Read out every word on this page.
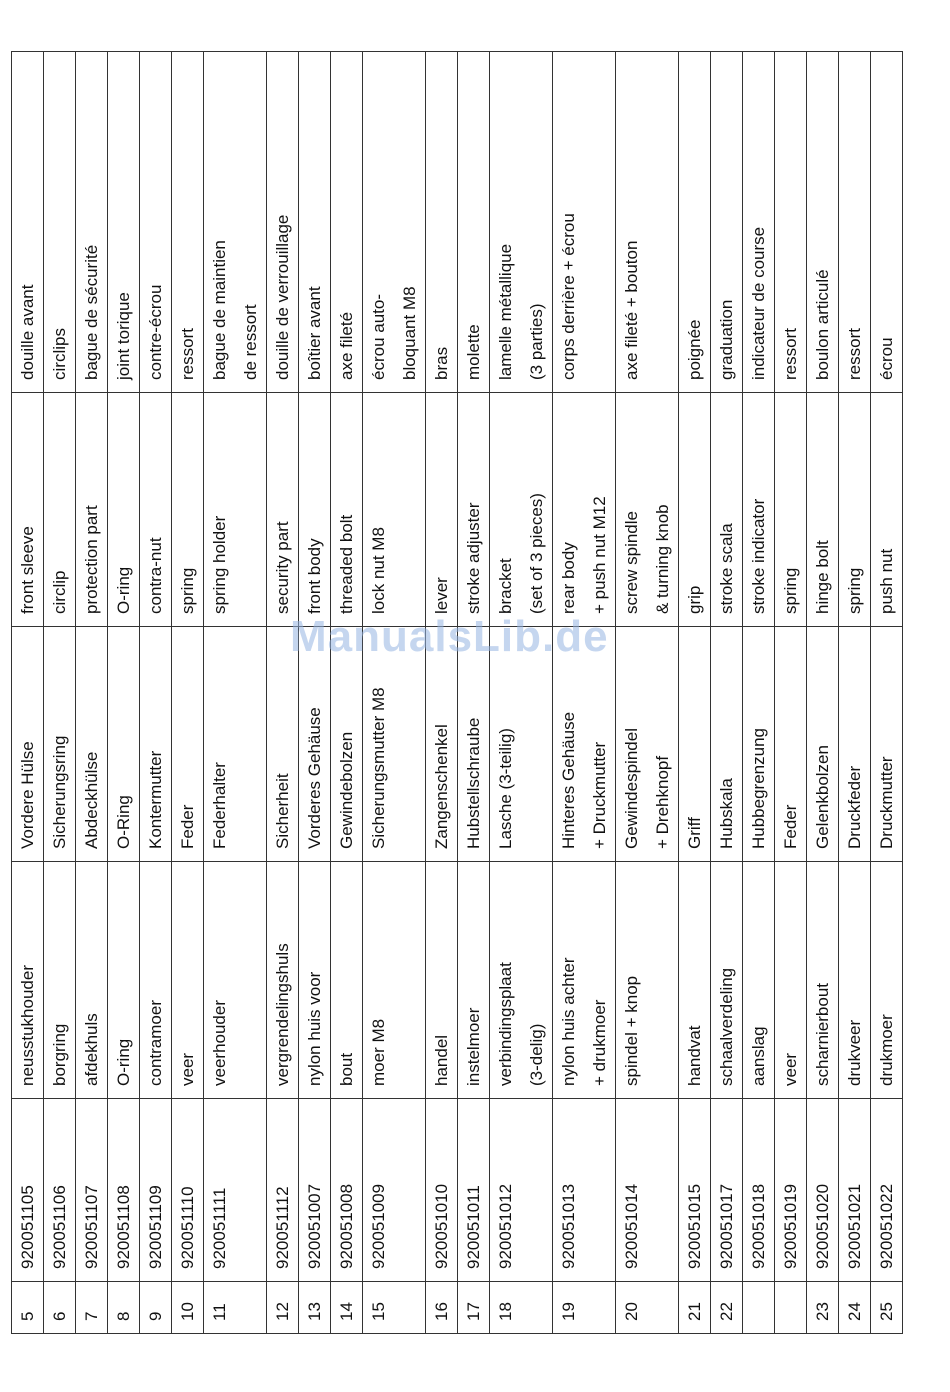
5	920051105	neusstukhouder	Vordere Hülse	front sleeve	douille avant

6	920051106	borgring	Sicherungsring	circlip	circlips

7	920051107	afdekhuls	Abdeckhülse	protection part	bague de sécurité

8	920051108	O-ring	O-Ring	O-ring	joint torique

9	920051109	contramoer	Kontermutter	contra-nut	contre-écrou

10	920051110	veer	Feder	spring	ressort

11	920051111	veerhouder	Federhalter	spring holder	bague de maintien de ressort

12	920051112	vergrendelingshuls	Sicherheit	security part	douille de verrouillage

13	920051007	nylon huis voor	Vorderes Gehäuse	front body	boîtier avant

14	920051008	bout	Gewindebolzen	threaded bolt	axe fileté

15	920051009	moer M8	Sicherungsmutter M8	lock nut M8	écrou auto- bloquant M8

16	920051010	handel	Zangenschenkel	lever	bras

17	920051011	instelmoer	Hubstellschraube	stroke adjuster	molette

18	920051012	verbindingsplaat (3-delig)	Lasche (3-teilig)	bracket (set of 3 pieces)	lamelle métallique (3 parties)

19	920051013	nylon huis achter + drukmoer	Hinteres Gehäuse + Druckmutter	rear body + push nut M12	corps derrière + écrou

20	920051014	spindel + knop	Gewindespindel + Drehknopf	screw spindle & turning knob	axe fileté + bouton

21	920051015	handvat	Griff	grip	poignée

22	920051017	schaalverdeling	Hubskala	stroke scala	graduation

	920051018	aanslag	Hubbegrenzung	stroke indicator	indicateur de course

	920051019	veer	Feder	spring	ressort

23	920051020	scharnierbout	Gelenkbolzen	hinge bolt	boulon articulé

24	920051021	drukveer	Druckfeder	spring	ressort

25	920051022	drukmoer	Druckmutter	push nut	écrou
ManualsLib.de
